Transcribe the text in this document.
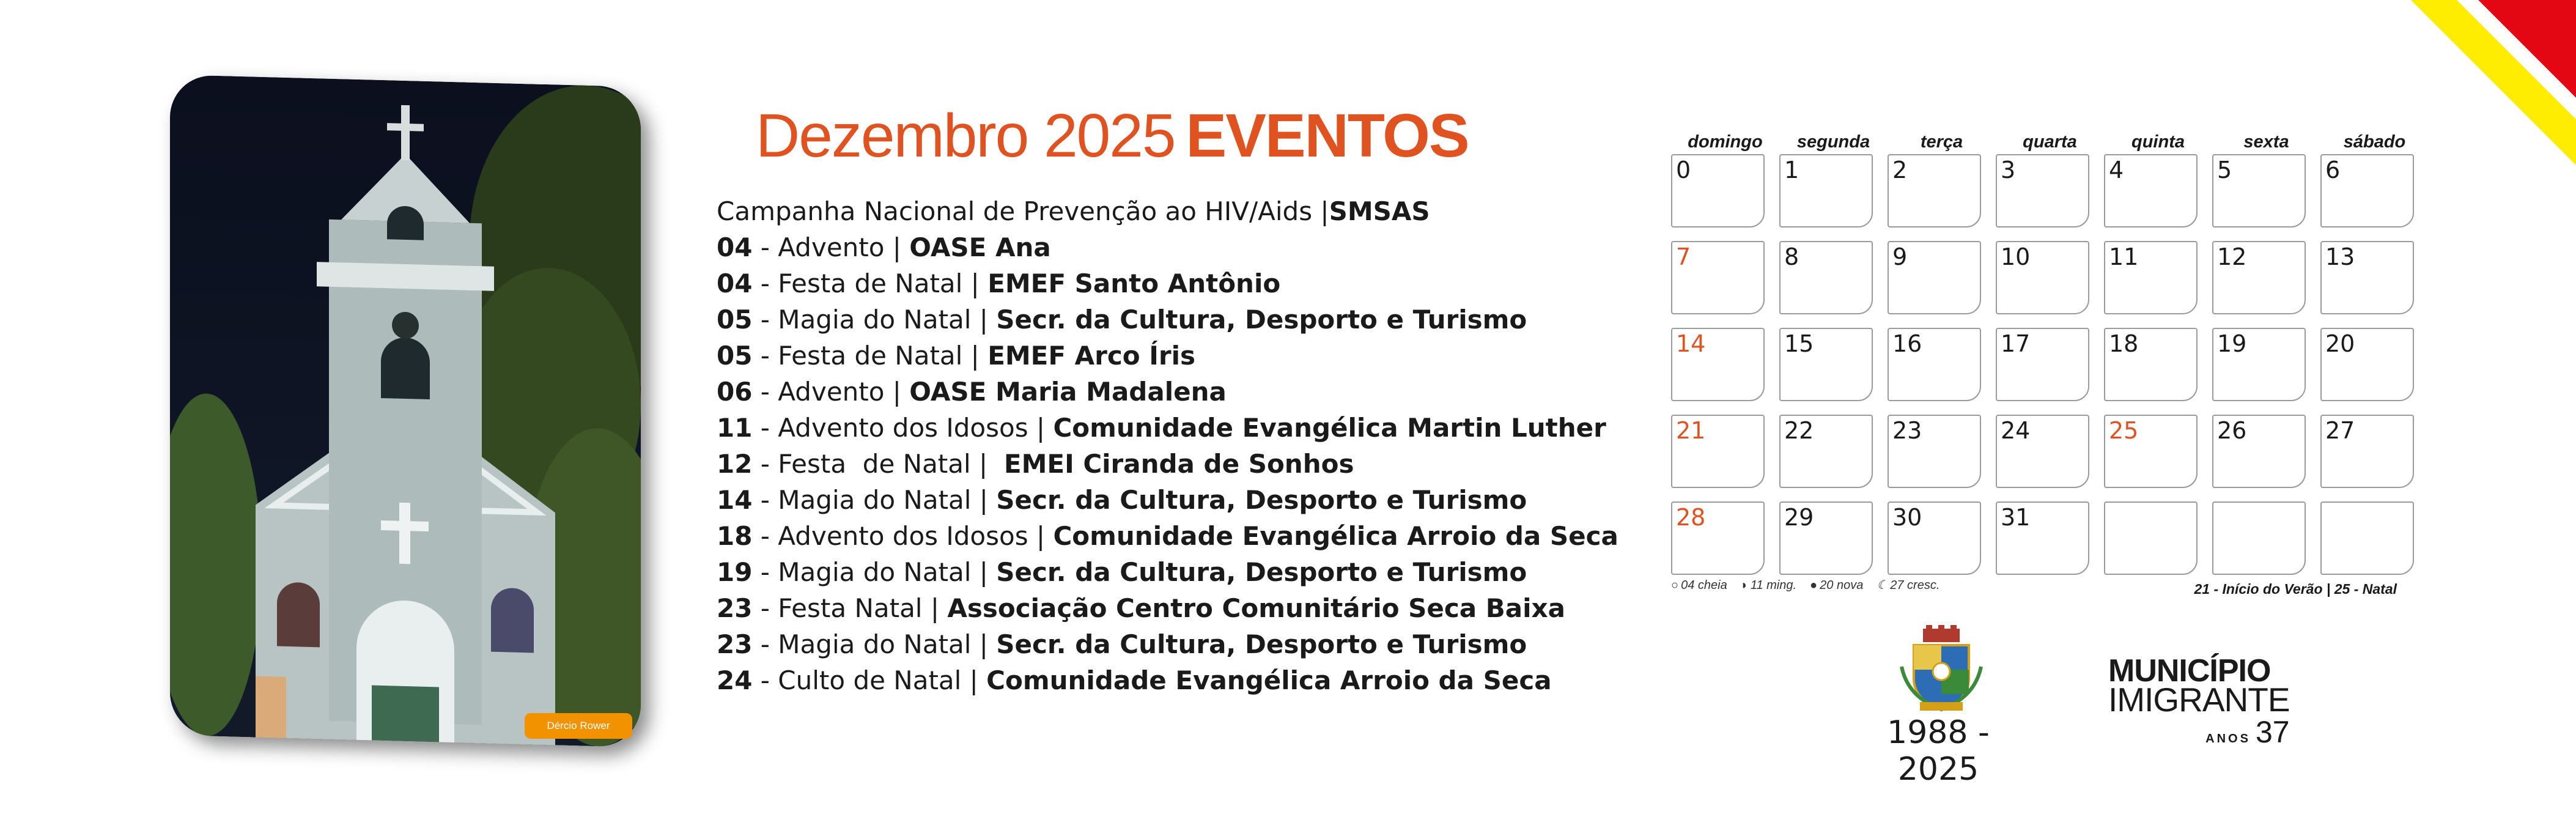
Dércio Rower
Dezembro 2025 EVENTOS
Campanha Nacional de Prevenção ao HIV/Aids |SMSAS
04 - Advento | OASE Ana
04 - Festa de Natal | EMEF Santo Antônio
05 - Magia do Natal | Secr. da Cultura, Desporto e Turismo
05 - Festa de Natal | EMEF Arco Íris
06 - Advento | OASE Maria Madalena
11 - Advento dos Idosos | Comunidade Evangélica Martin Luther
12 - Festa  de Natal |  EMEI Ciranda de Sonhos
14 - Magia do Natal | Secr. da Cultura, Desporto e Turismo
18 - Advento dos Idosos | Comunidade Evangélica Arroio da Seca
19 - Magia do Natal | Secr. da Cultura, Desporto e Turismo
23 - Festa Natal | Associação Centro Comunitário Seca Baixa
23 - Magia do Natal | Secr. da Cultura, Desporto e Turismo
24 - Culto de Natal | Comunidade Evangélica Arroio da Seca
domingo	segunda	terça	quarta	quinta	sexta	sábado
0	1	2	3	4	5	6
7	8	9	10	11	12	13
14	15	16	17	18	19	20
21	22	23	24	25	26	27
28	29	30	31
○ 04 cheia ◗ 11 ming. ● 20 nova ☾ 27 cresc.	21 - Início do Verão | 25 - Natal
1988 - 2025
MUNICÍPIO
IMIGRANTE
ANOS 37
